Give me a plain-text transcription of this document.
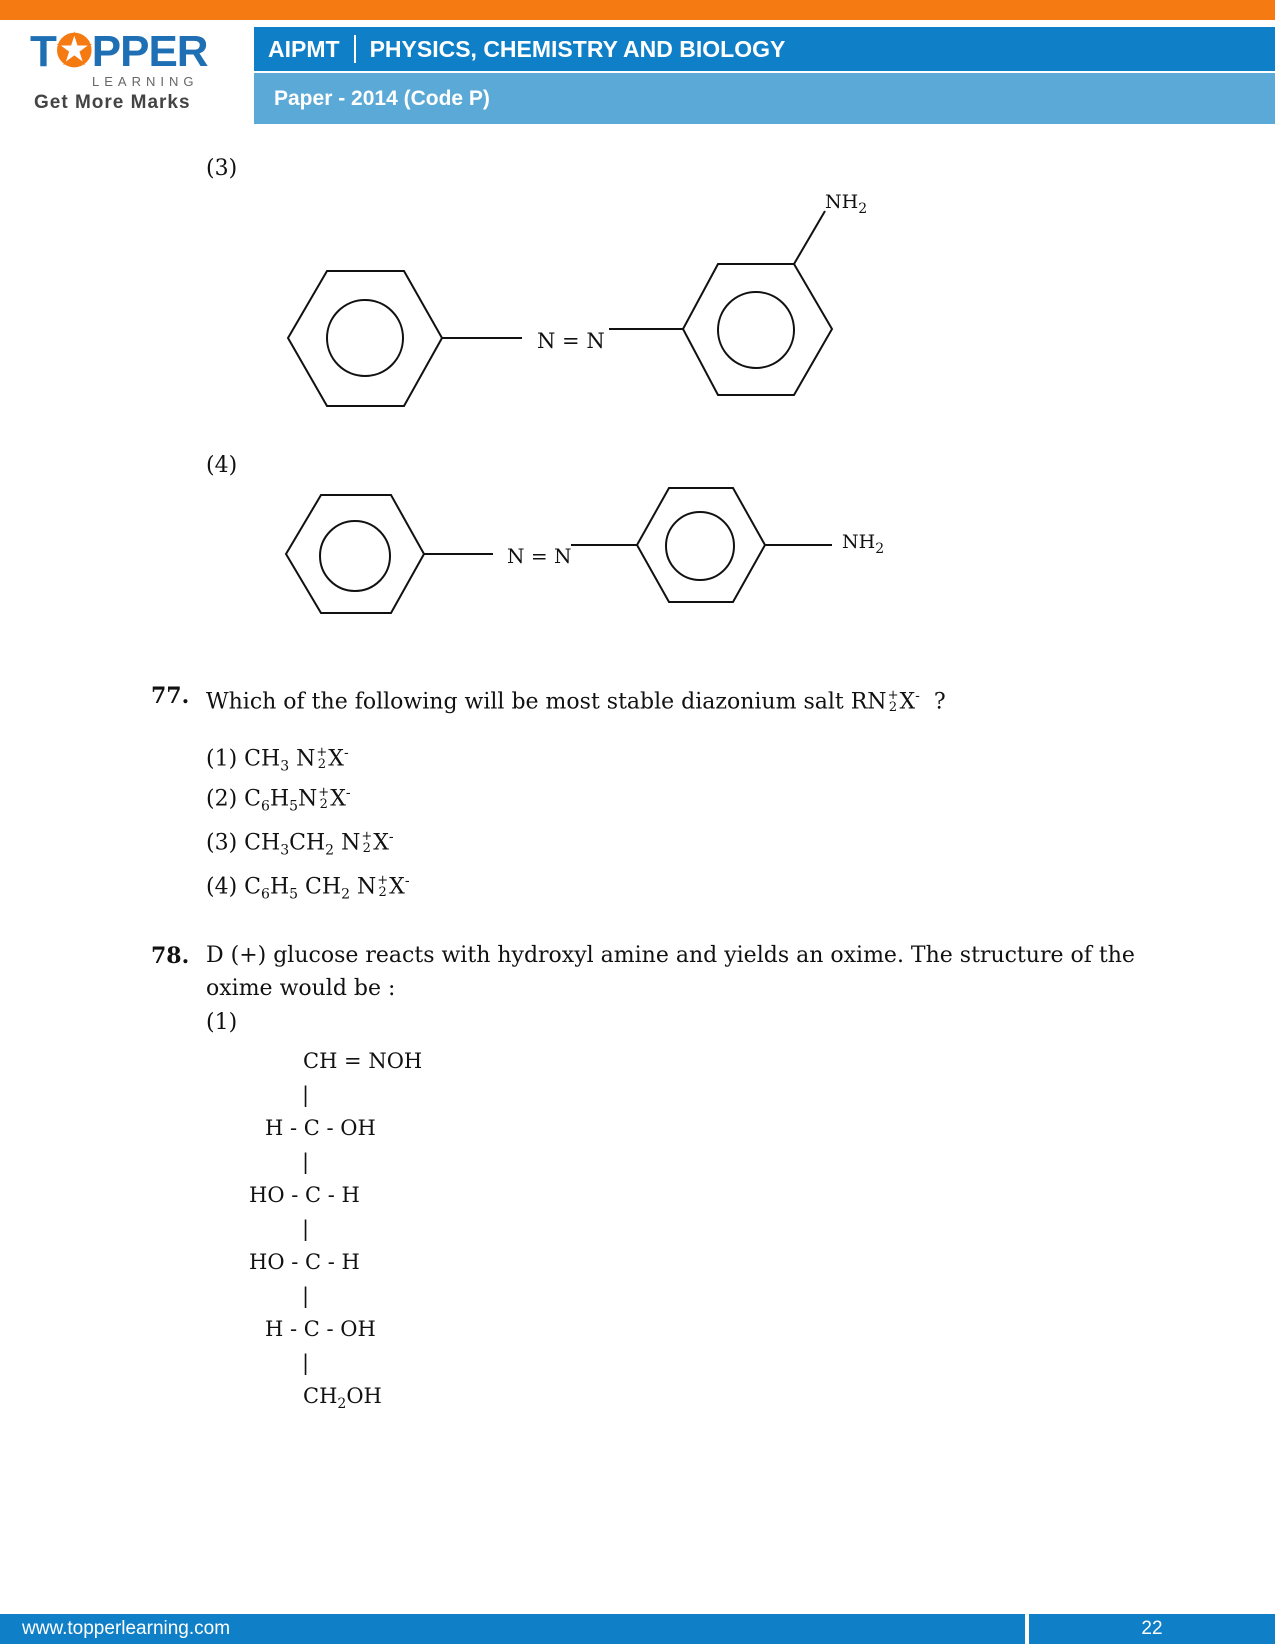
T✪PPER
LEARNING
Get More Marks
AIPMT PHYSICS, CHEMISTRY AND BIOLOGY
Paper - 2014 (Code P)
(3)
N = N
$NH_2$
(4)
N = N
$NH_2$
77. Which of the following will be most stable diazonium salt RN+
2 X- ?
(1) $CH_3$ N+
2 X-
(2) $C_6H_5N+$
2 X-
(3) $CH_3CH_2$ N+
2 X-
(4) $C_6H_5$ $CH_2$ N+
2 X-
78. D (+) glucose reacts with hydroxyl amine and yields an oxime. The structure of the
oxime would be :
(1)
CH = NOH
|
H - C - OH
|
HO - C - H
|
HO - C - H
|
H - C - OH
|
$CH_2OH$
www.topperlearning.com	22
